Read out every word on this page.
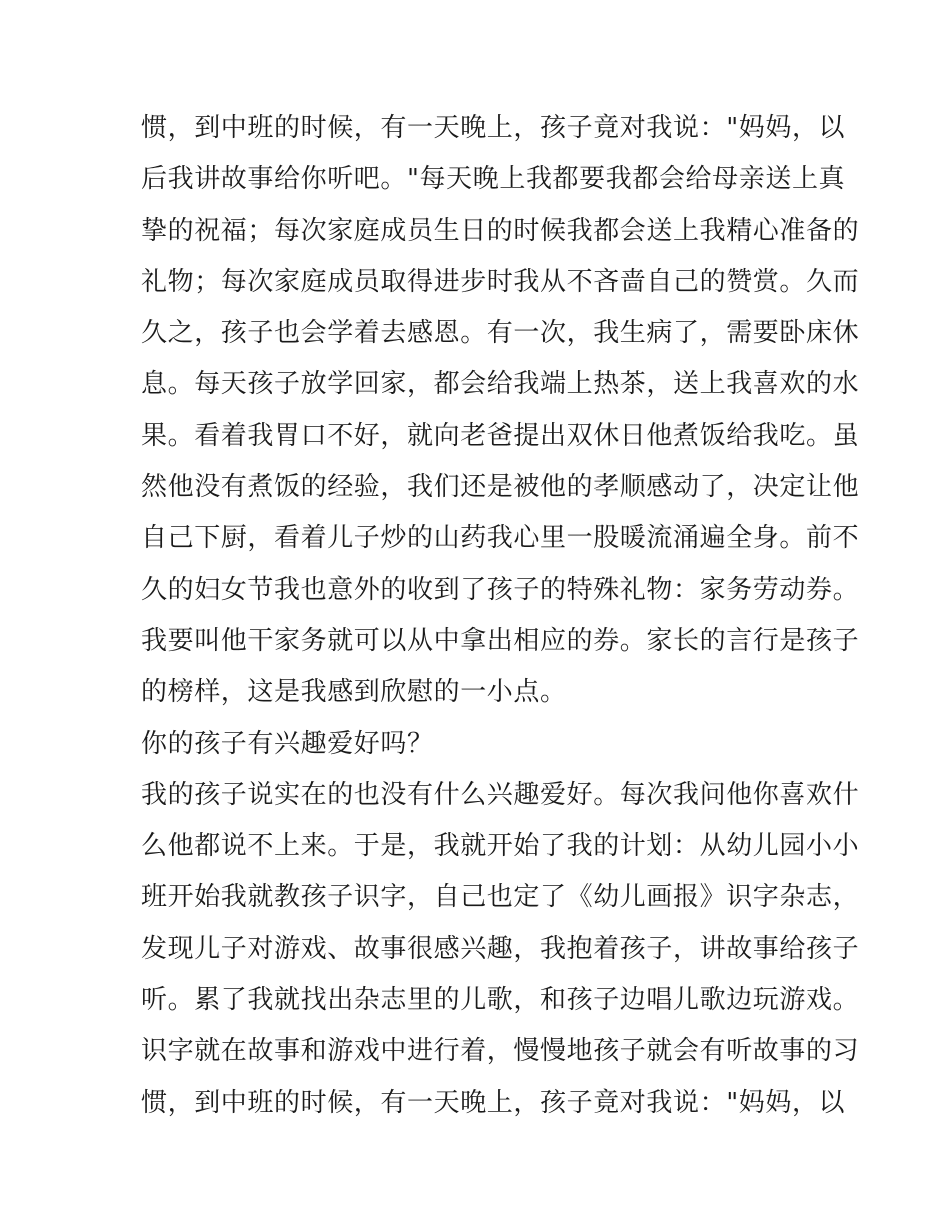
惯，到中班的时候，有一天晚上，孩子竟对我说："妈妈，以
后我讲故事给你听吧。"每天晚上我都要我都会给母亲送上真
挚的祝福；每次家庭成员生日的时候我都会送上我精心准备的
礼物；每次家庭成员取得进步时我从不吝啬自己的赞赏。久而
久之，孩子也会学着去感恩。有一次，我生病了，需要卧床休
息。每天孩子放学回家，都会给我端上热茶，送上我喜欢的水
果。看着我胃口不好，就向老爸提出双休日他煮饭给我吃。虽
然他没有煮饭的经验，我们还是被他的孝顺感动了，决定让他
自己下厨，看着儿子炒的山药我心里一股暖流涌遍全身。前不
久的妇女节我也意外的收到了孩子的特殊礼物：家务劳动券。
我要叫他干家务就可以从中拿出相应的券。家长的言行是孩子
的榜样，这是我感到欣慰的一小点。
你的孩子有兴趣爱好吗？
我的孩子说实在的也没有什么兴趣爱好。每次我问他你喜欢什
么他都说不上来。于是，我就开始了我的计划：从幼儿园小小
班开始我就教孩子识字，自己也定了《幼儿画报》识字杂志，
发现儿子对游戏、故事很感兴趣，我抱着孩子，讲故事给孩子
听。累了我就找出杂志里的儿歌，和孩子边唱儿歌边玩游戏。
识字就在故事和游戏中进行着，慢慢地孩子就会有听故事的习
惯，到中班的时候，有一天晚上，孩子竟对我说："妈妈，以
